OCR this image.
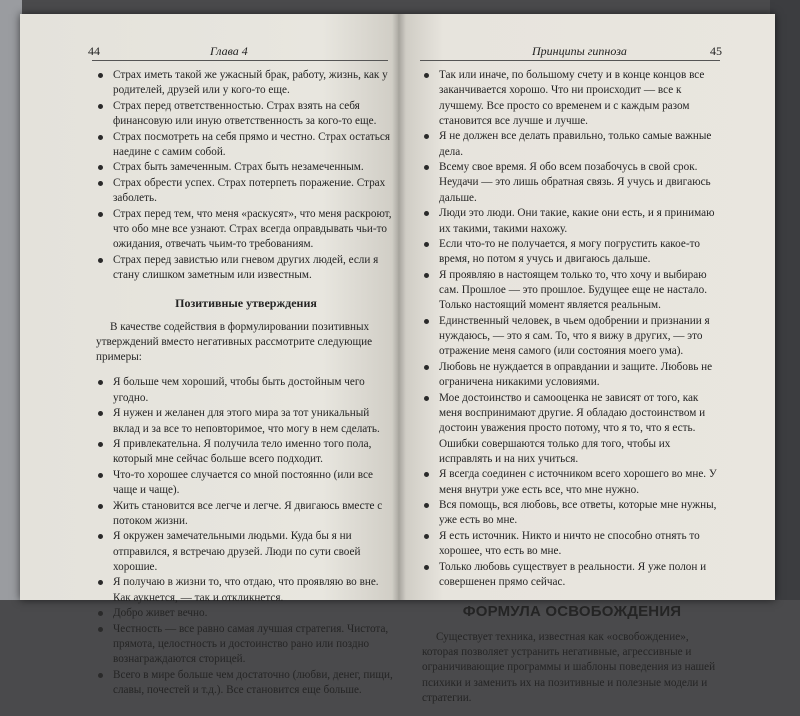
44	Глава 4
Страх иметь такой же ужасный брак, работу, жизнь, как у родителей, друзей или у кого-то еще.
Страх перед ответственностью. Страх взять на себя финансовую или иную ответственность за кого-то еще.
Страх посмотреть на себя прямо и честно. Страх остаться наедине с самим собой.
Страх быть замеченным. Страх быть незамеченным.
Страх обрести успех. Страх потерпеть поражение. Страх заболеть.
Страх перед тем, что меня «раскусят», что меня раскроют, что обо мне все узнают. Страх всегда оправдывать чьи-то ожидания, отвечать чьим-то требованиям.
Страх перед завистью или гневом других людей, если я стану слишком заметным или известным.
Позитивные утверждения
В качестве содействия в формулировании позитивных утверждений вместо негативных рассмотрите следующие примеры:
Я больше чем хороший, чтобы быть достойным чего угодно.
Я нужен и желанен для этого мира за тот уникальный вклад и за все то неповторимое, что могу в нем сделать.
Я привлекательна. Я получила тело именно того пола, который мне сейчас больше всего подходит.
Что-то хорошее случается со мной постоянно (или все чаще и чаще).
Жить становится все легче и легче. Я двигаюсь вместе с потоком жизни.
Я окружен замечательными людьми. Куда бы я ни отправился, я встречаю друзей. Люди по сути своей хорошие.
Я получаю в жизни то, что отдаю, что проявляю во вне. Как аукнется, — так и откликнется.
Добро живет вечно.
Честность — все равно самая лучшая стратегия. Чистота, прямота, целостность и достоинство рано или поздно вознаграждаются сторицей.
Всего в мире больше чем достаточно (любви, денег, пищи, славы, почестей и т.д.). Все становится еще больше.
Принципы гипноза	45
Так или иначе, по большому счету и в конце концов все заканчивается хорошо. Что ни происходит — все к лучшему. Все просто со временем и с каждым разом становится все лучше и лучше.
Я не должен все делать правильно, только самые важные дела.
Всему свое время. Я обо всем позабочусь в свой срок. Неудачи — это лишь обратная связь. Я учусь и двигаюсь дальше.
Люди это люди. Они такие, какие они есть, и я принимаю их такими, такими нахожу.
Если что-то не получается, я могу погрустить какое-то время, но потом я учусь и двигаюсь дальше.
Я проявляю в настоящем только то, что хочу и выбираю сам. Прошлое — это прошлое. Будущее еще не настало. Только настоящий момент является реальным.
Единственный человек, в чьем одобрении и признании я нуждаюсь, — это я сам. То, что я вижу в других, — это отражение меня самого (или состояния моего ума).
Любовь не нуждается в оправдании и защите. Любовь не ограничена никакими условиями.
Мое достоинство и самооценка не зависят от того, как меня воспринимают другие. Я обладаю достоинством и достоин уважения просто потому, что я то, что я есть. Ошибки совершаются только для того, чтобы их исправлять и на них учиться.
Я всегда соединен с источником всего хорошего во мне. У меня внутри уже есть все, что мне нужно.
Вся помощь, вся любовь, все ответы, которые мне нужны, уже есть во мне.
Я есть источник. Никто и ничто не способно отнять то хорошее, что есть во мне.
Только любовь существует в реальности. Я уже полон и совершенен прямо сейчас.
ФОРМУЛА ОСВОБОЖДЕНИЯ
Существует техника, известная как «освобождение», которая позволяет устранить негативные, агрессивные и ограничивающие программы и шаблоны поведения из нашей психики и заменить их на позитивные и полезные модели и стратегии.
